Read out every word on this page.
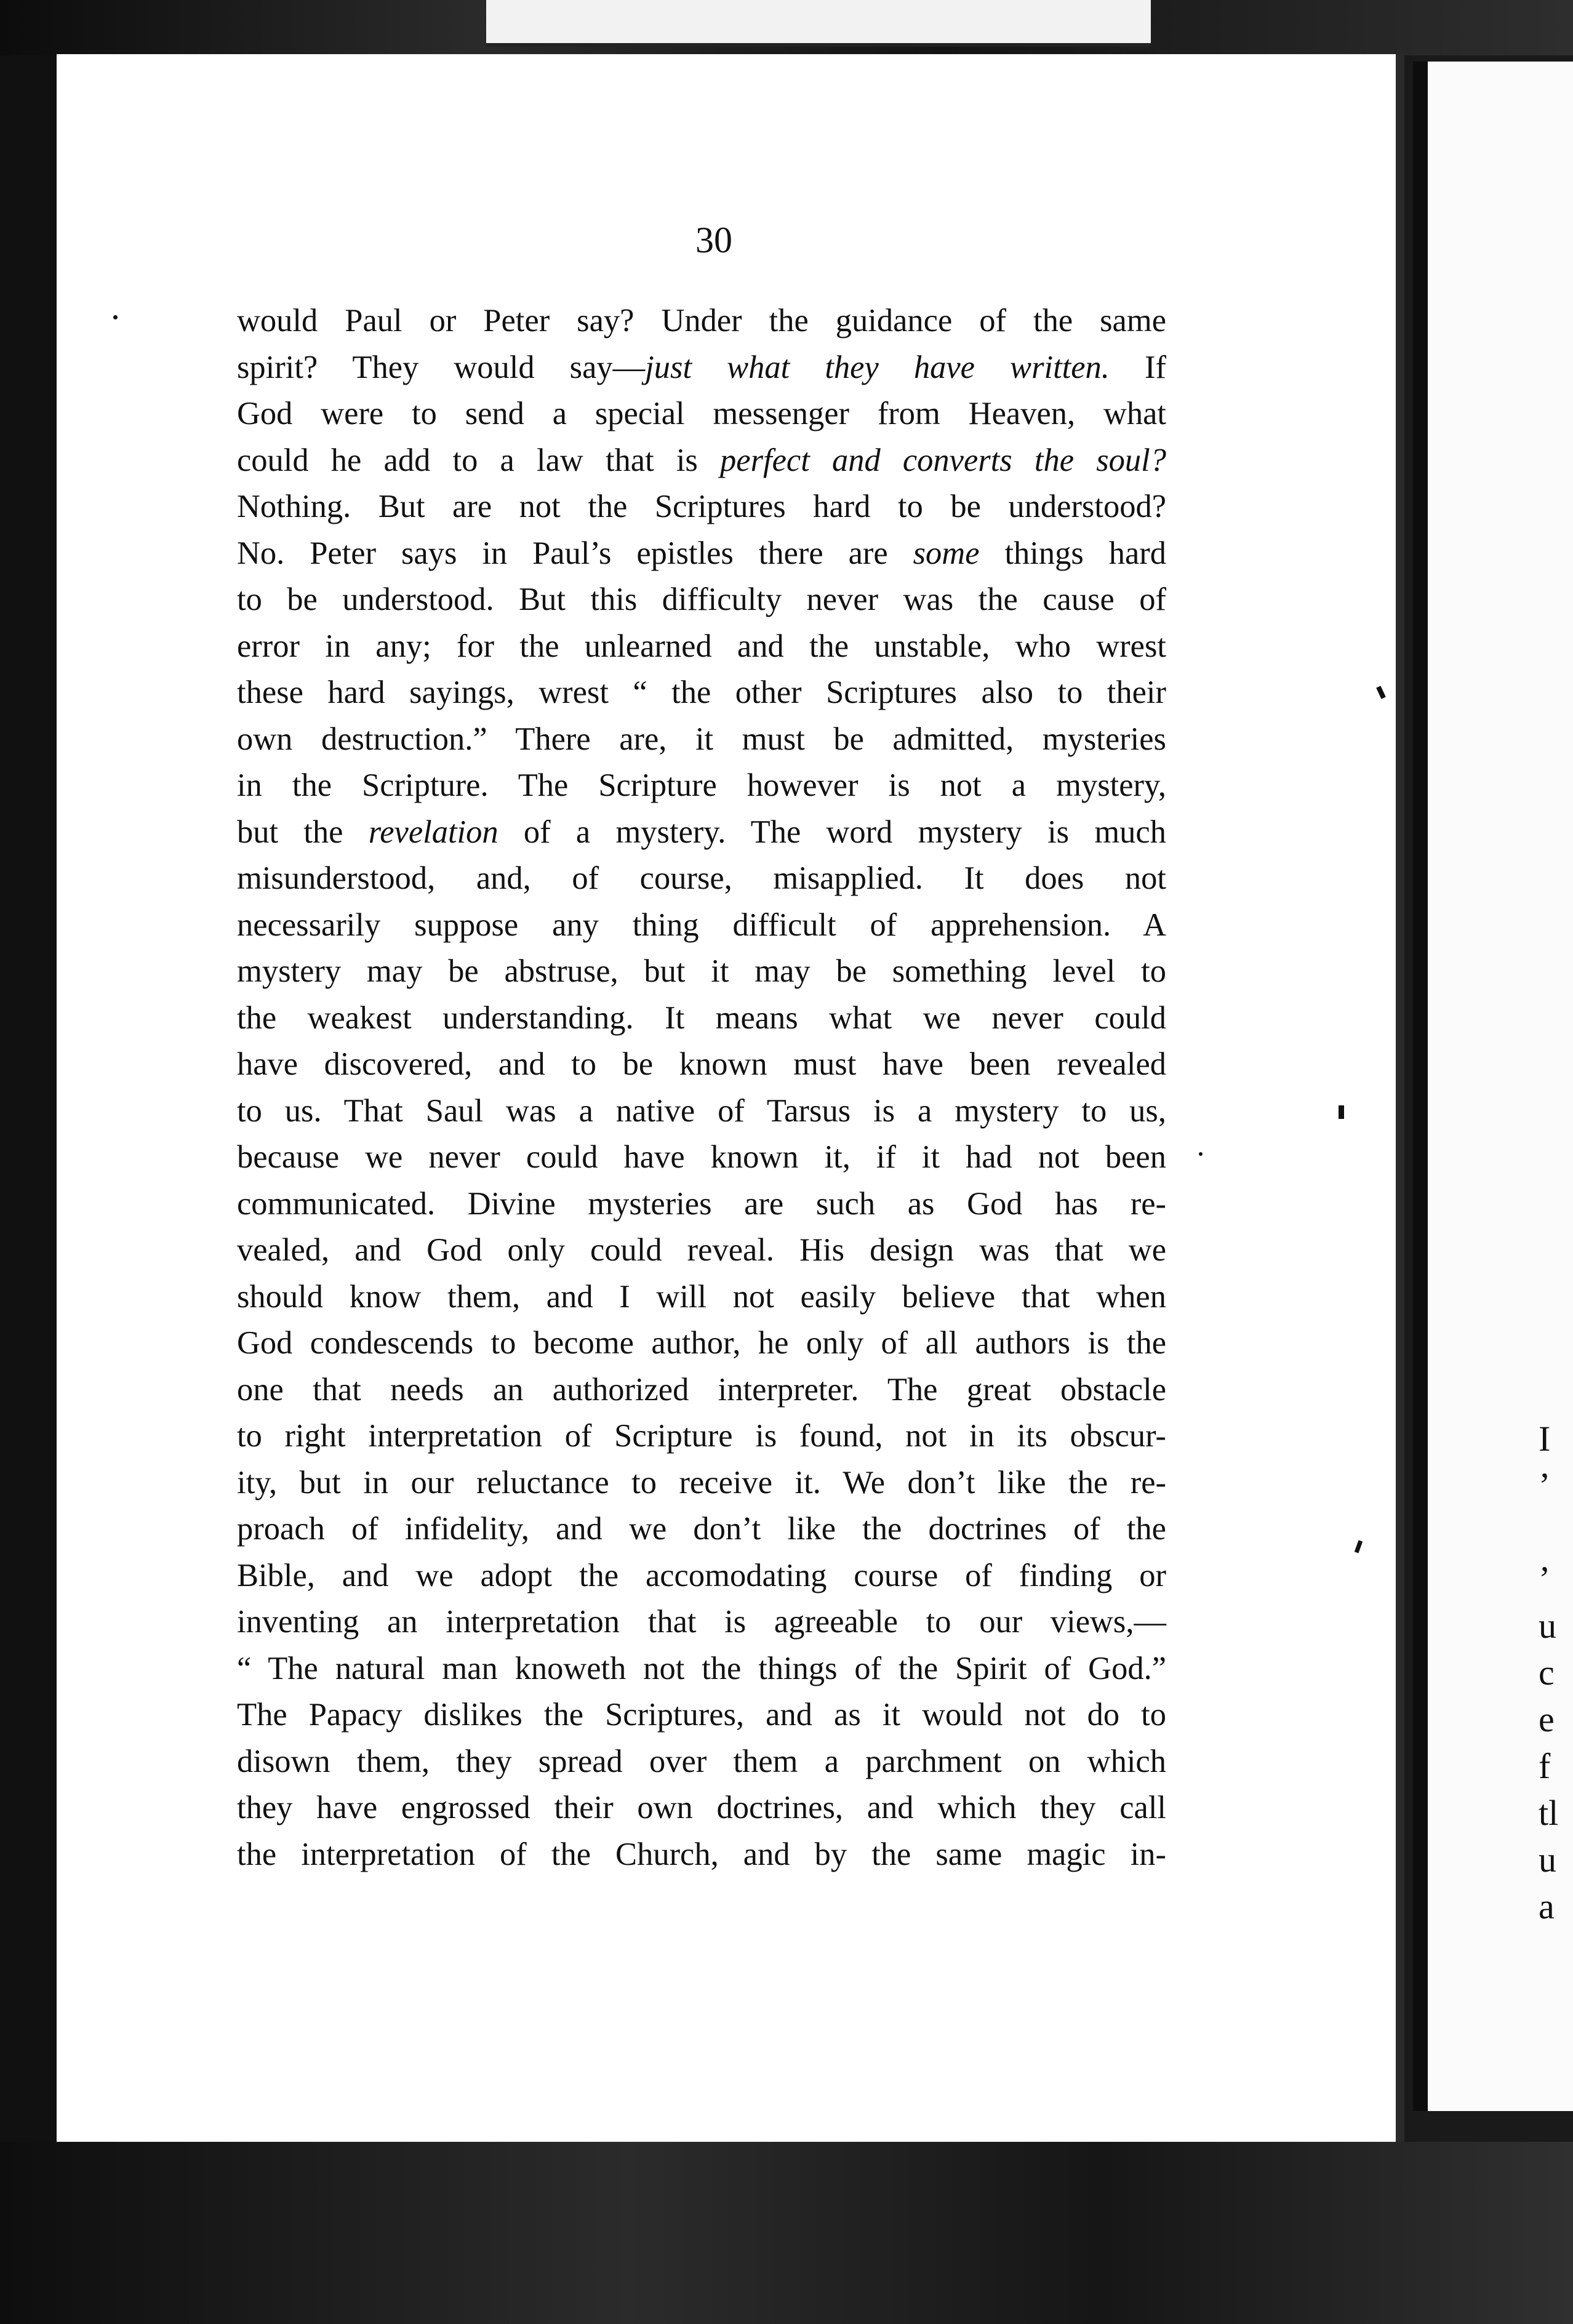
I
’
’
u
c
e
f
tl
u
a
30
would Paul or Peter say? Under the guidance of the same
spirit? They would say—just what they have written. If
God were to send a special messenger from Heaven, what
could he add to a law that is perfect and converts the soul?
Nothing. But are not the Scriptures hard to be understood?
No. Peter says in Paul’s epistles there are some things hard
to be understood. But this difficulty never was the cause of
error in any; for the unlearned and the unstable, who wrest
these hard sayings, wrest “ the other Scriptures also to their
own destruction.” There are, it must be admitted, mysteries
in the Scripture. The Scripture however is not a mystery,
but the revelation of a mystery. The word mystery is much
misunderstood, and, of course, misapplied. It does not
necessarily suppose any thing difficult of apprehension. A
mystery may be abstruse, but it may be something level to
the weakest understanding. It means what we never could
have discovered, and to be known must have been revealed
to us. That Saul was a native of Tarsus is a mystery to us,
because we never could have known it, if it had not been
communicated. Divine mysteries are such as God has re-
vealed, and God only could reveal. His design was that we
should know them, and I will not easily believe that when
God condescends to become author, he only of all authors is the
one that needs an authorized interpreter. The great obstacle
to right interpretation of Scripture is found, not in its obscur-
ity, but in our reluctance to receive it. We don’t like the re-
proach of infidelity, and we don’t like the doctrines of the
Bible, and we adopt the accomodating course of finding or
inventing an interpretation that is agreeable to our views,—
“ The natural man knoweth not the things of the Spirit of God.”
The Papacy dislikes the Scriptures, and as it would not do to
disown them, they spread over them a parchment on which
they have engrossed their own doctrines, and which they call
the interpretation of the Church, and by the same magic in-
